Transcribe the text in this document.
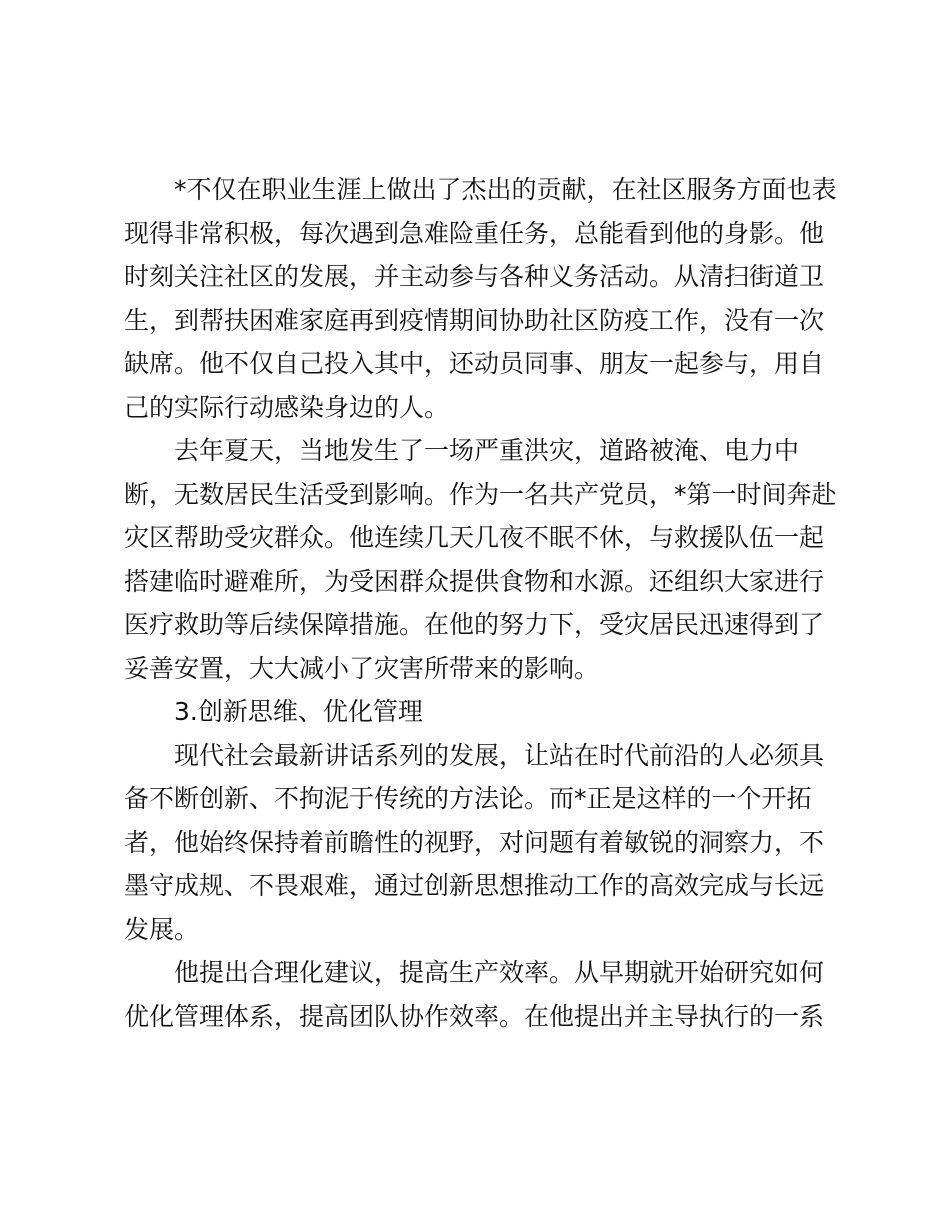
*不仅在职业生涯上做出了杰出的贡献，在社区服务方面也表
现得非常积极，每次遇到急难险重任务，总能看到他的身影。他
时刻关注社区的发展，并主动参与各种义务活动。从清扫街道卫
生，到帮扶困难家庭再到疫情期间协助社区防疫工作，没有一次
缺席。他不仅自己投入其中，还动员同事、朋友一起参与，用自
己的实际行动感染身边的人。

去年夏天，当地发生了一场严重洪灾，道路被淹、电力中
断，无数居民生活受到影响。作为一名共产党员，*第一时间奔赴
灾区帮助受灾群众。他连续几天几夜不眠不休，与救援队伍一起
搭建临时避难所，为受困群众提供食物和水源。还组织大家进行
医疗救助等后续保障措施。在他的努力下，受灾居民迅速得到了
妥善安置，大大减小了灾害所带来的影响。

3.创新思维、优化管理

现代社会最新讲话系列的发展，让站在时代前沿的人必须具
备不断创新、不拘泥于传统的方法论。而*正是这样的一个开拓
者，他始终保持着前瞻性的视野，对问题有着敏锐的洞察力，不
墨守成规、不畏艰难，通过创新思想推动工作的高效完成与长远
发展。

他提出合理化建议，提高生产效率。从早期就开始研究如何
优化管理体系，提高团队协作效率。在他提出并主导执行的一系
